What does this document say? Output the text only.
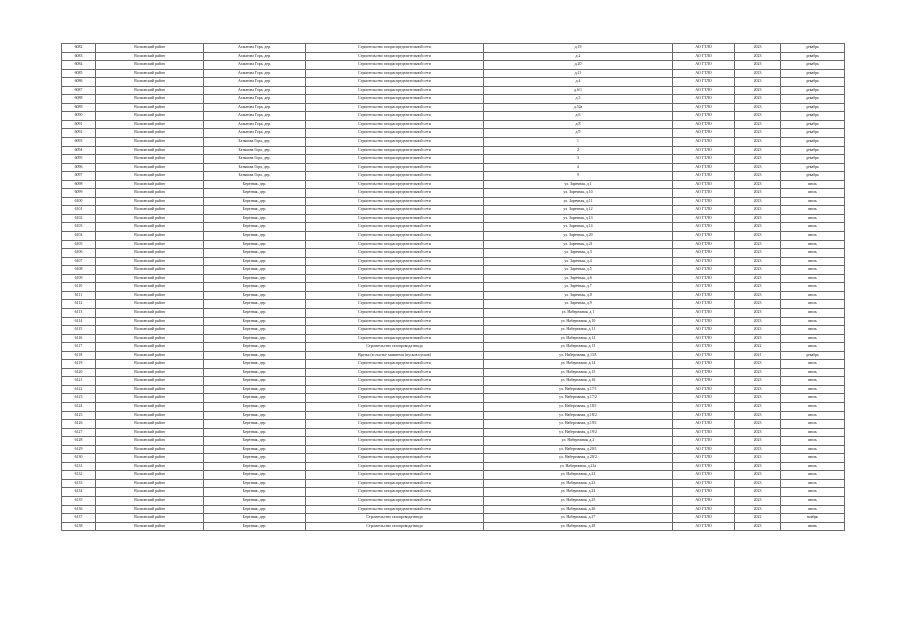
6082	Волховский район	Ахматова Гора, дер.	Строительство газораспределительной сети	д.19	АО ГТЛО	2023	декабрь
6083	Волховский район	Ахматова Гора, дер.	Строительство газораспределительной сети	д.2	АО ГТЛО	2023	декабрь
6084	Волховский район	Ахматова Гора, дер.	Строительство газораспределительной сети	д.20	АО ГТЛО	2023	декабрь
6085	Волховский район	Ахматова Гора, дер.	Строительство газораспределительной сети	д.21	АО ГТЛО	2023	декабрь
6086	Волховский район	Ахматова Гора, дер.	Строительство газораспределительной сети	д.4	АО ГТЛО	2023	декабрь
6087	Волховский район	Ахматова Гора, дер.	Строительство газораспределительной сети	д.6/1	АО ГТЛО	2023	декабрь
6088	Волховский район	Ахматова Гора, дер.	Строительство газораспределительной сети	д.5	АО ГТЛО	2023	декабрь
6089	Волховский район	Ахматова Гора, дер.	Строительство газораспределительной сети	д.52а	АО ГТЛО	2023	декабрь
6090	Волховский район	Ахматова Гора, дер.	Строительство газораспределительной сети	д.6	АО ГТЛО	2023	декабрь
6091	Волховский район	Ахматова Гора, дер.	Строительство газораспределительной сети	д.8	АО ГТЛО	2023	декабрь
6092	Волховский район	Ахматова Гора, дер.	Строительство газораспределительной сети	д.9	АО ГТЛО	2023	декабрь
6093	Волховский район	Белякова Гора, дер.	Строительство газораспределительной сети	1	АО ГТЛО	2023	декабрь
6094	Волховский район	Белякова Гора, дер.	Строительство газораспределительной сети	2	АО ГТЛО	2023	декабрь
6095	Волховский район	Белякова Гора, дер.	Строительство газораспределительной сети	3	АО ГТЛО	2023	декабрь
6096	Волховский район	Белякова Гора, дер.	Строительство газораспределительной сети	4	АО ГТЛО	2023	декабрь
6097	Волховский район	Белякова Гора, дер.	Строительство газораспределительной сети	9	АО ГТЛО	2023	декабрь
6098	Волховский район	Березняк, дер.	Строительство газораспределительной сети	ул. Заречная, д.1	АО ГТЛО	2023	июль
6099	Волховский район	Березняк, дер.	Строительство газораспределительной сети	ул. Заречная, д.10	АО ГТЛО	2023	июль
6100	Волховский район	Березняк, дер.	Строительство газораспределительной сети	ул. Заречная, д.11	АО ГТЛО	2023	июль
6101	Волховский район	Березняк, дер.	Строительство газораспределительной сети	ул. Заречная, д.12	АО ГТЛО	2023	июль
6102	Волховский район	Березняк, дер.	Строительство газораспределительной сети	ул. Заречная, д.13	АО ГТЛО	2023	июль
6103	Волховский район	Березняк, дер.	Строительство газораспределительной сети	ул. Заречная, д.14	АО ГТЛО	2023	июль
6104	Волховский район	Березняк, дер.	Строительство газораспределительной сети	ул. Заречная, д.20	АО ГТЛО	2023	июль
6105	Волховский район	Березняк, дер.	Строительство газораспределительной сети	ул. Заречная, д.21	АО ГТЛО	2023	июль
6106	Волховский район	Березняк, дер.	Строительство газораспределительной сети	ул. Заречная, д.3	АО ГТЛО	2023	июль
6107	Волховский район	Березняк, дер.	Строительство газораспределительной сети	ул. Заречная, д.4	АО ГТЛО	2023	июль
6108	Волховский район	Березняк, дер.	Строительство газораспределительной сети	ул. Заречная, д.5	АО ГТЛО	2023	июль
6109	Волховский район	Березняк, дер.	Строительство газораспределительной сети	ул. Заречная, д.6	АО ГТЛО	2023	июль
6110	Волховский район	Березняк, дер.	Строительство газораспределительной сети	ул. Заречная, д.7	АО ГТЛО	2023	июль
6111	Волховский район	Березняк, дер.	Строительство газораспределительной сети	ул. Заречная, д.8	АО ГТЛО	2023	июль
6112	Волховский район	Березняк, дер.	Строительство газораспределительной сети	ул. Заречная, д.9	АО ГТЛО	2023	июль
6113	Волховский район	Березняк, дер.	Строительство газораспределительной сети	ул. Набережная, д.1	АО ГТЛО	2023	июль
6114	Волховский район	Березняк, дер.	Строительство газораспределительной сети	ул. Набережная, д.10	АО ГТЛО	2023	июль
6115	Волховский район	Березняк, дер.	Строительство газораспределительной сети	ул. Набережная, д.11	АО ГТЛО	2023	июль
6116	Волховский район	Березняк, дер.	Строительство газораспределительной сети	ул. Набережная, д.12	АО ГТЛО	2023	июль
6117	Волховский район	Березняк, дер.	Строительство газопровода-ввода	ул. Набережная, д.13	АО ГТЛО	2022	июль
6118	Волховский район	Березняк, дер.	Врезка (в счастье заявителя (пусков пусков)	ул. Набережная, д.13А	АО ГТЛО	2021	декабрь
6119	Волховский район	Березняк, дер.	Строительство газораспределительной сети	ул. Набережная, д.14	АО ГТЛО	2023	июль
6120	Волховский район	Березняк, дер.	Строительство газораспределительной сети	ул. Набережная, д.15	АО ГТЛО	2023	июль
6121	Волховский район	Березняк, дер.	Строительство газораспределительной сети	ул. Набережная, д.16	АО ГТЛО	2023	июль
6122	Волховский район	Березняк, дер.	Строительство газораспределительной сети	ул. Набережная, д.17/1	АО ГТЛО	2023	июль
6123	Волховский район	Березняк, дер.	Строительство газораспределительной сети	ул. Набережная, д.17/2	АО ГТЛО	2023	июль
6124	Волховский район	Березняк, дер.	Строительство газораспределительной сети	ул. Набережная, д.18/1	АО ГТЛО	2023	июль
6125	Волховский район	Березняк, дер.	Строительство газораспределительной сети	ул. Набережная, д.18/2	АО ГТЛО	2023	июль
6126	Волховский район	Березняк, дер.	Строительство газораспределительной сети	ул. Набережная, д.19/1	АО ГТЛО	2023	июль
6127	Волховский район	Березняк, дер.	Строительство газораспределительной сети	ул. Набережная, д.19/2	АО ГТЛО	2023	июль
6128	Волховский район	Березняк, дер.	Строительство газораспределительной сети	ул. Набережная, д.2	АО ГТЛО	2023	июль
6129	Волховский район	Березняк, дер.	Строительство газораспределительной сети	ул. Набережная, д.20/1	АО ГТЛО	2023	июль
6130	Волховский район	Березняк, дер.	Строительство газораспределительной сети	ул. Набережная, д.20/2	АО ГТЛО	2023	июль
6131	Волховский район	Березняк, дер.	Строительство газораспределительной сети	ул. Набережная, д.21а	АО ГТЛО	2023	июль
6132	Волховский район	Березняк, дер.	Строительство газораспределительной сети	ул. Набережная, д.22	АО ГТЛО	2023	июль
6133	Волховский район	Березняк, дер.	Строительство газораспределительной сети	ул. Набережная, д.23	АО ГТЛО	2023	июль
6134	Волховский район	Березняк, дер.	Строительство газораспределительной сети	ул. Набережная, д.24	АО ГТЛО	2023	июль
6135	Волховский район	Березняк, дер.	Строительство газораспределительной сети	ул. Набережная, д.25	АО ГТЛО	2023	июль
6136	Волховский район	Березняк, дер.	Строительство газораспределительной сети	ул. Набережная, д.26	АО ГТЛО	2023	июль
6137	Волховский район	Березняк, дер.	Строительство газопровода-ввода	ул. Набережная, д.27	АО ГТЛО	2022	ноябрь
6138	Волховский район	Березняк, дер.	Строительство газопровода-ввода	ул. Набережная, д.28	АО ГТЛО	2023	июнь
